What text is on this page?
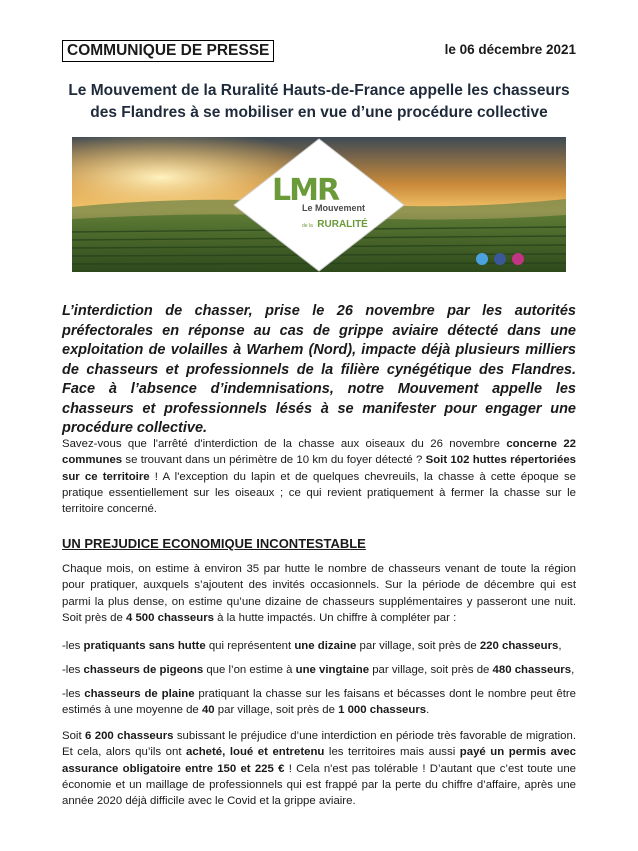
COMMUNIQUE DE PRESSE	le 06 décembre 2021
Le Mouvement de la Ruralité Hauts-de-France appelle les chasseurs
des Flandres à se mobiliser en vue d’une procédure collective
LMR
Le Mouvement
de la RURALITÉ
L’interdiction de chasser, prise le 26 novembre par les autorités préfectorales en réponse au cas de grippe aviaire détecté dans une exploitation de volailles à Warhem (Nord), impacte déjà plusieurs milliers de chasseurs et professionnels de la filière cynégétique des Flandres. Face à l’absence d’indemnisations, notre Mouvement appelle les chasseurs et professionnels lésés à se manifester pour engager une procédure collective.

Savez-vous que l'arrêté d'interdiction de la chasse aux oiseaux du 26 novembre concerne 22 communes se trouvant dans un périmètre de 10 km du foyer détecté ? Soit 102 huttes répertoriées sur ce territoire ! A l'exception du lapin et de quelques chevreuils, la chasse à cette époque se pratique essentiellement sur les oiseaux ; ce qui revient pratiquement à fermer la chasse sur le territoire concerné.

UN PREJUDICE ECONOMIQUE INCONTESTABLE

Chaque mois, on estime à environ 35 par hutte le nombre de chasseurs venant de toute la région pour pratiquer, auxquels s’ajoutent des invités occasionnels. Sur la période de décembre qui est parmi la plus dense, on estime qu’une dizaine de chasseurs supplémentaires y passeront une nuit. Soit près de 4 500 chasseurs à la hutte impactés. Un chiffre à compléter par :

-les pratiquants sans hutte qui représentent une dizaine par village, soit près de 220 chasseurs,

-les chasseurs de pigeons que l’on estime à une vingtaine par village, soit près de 480 chasseurs,

-les chasseurs de plaine pratiquant la chasse sur les faisans et bécasses dont le nombre peut être estimés à une moyenne de 40 par village, soit près de 1 000 chasseurs.

Soit 6 200 chasseurs subissant le préjudice d’une interdiction en période très favorable de migration. Et cela, alors qu’ils ont acheté, loué et entretenu les territoires mais aussi payé un permis avec assurance obligatoire entre 150 et 225 € ! Cela n'est pas tolérable ! D’autant que c’est toute une économie et un maillage de professionnels qui est frappé par la perte du chiffre d’affaire, après une année 2020 déjà difficile avec le Covid et la grippe aviaire.
